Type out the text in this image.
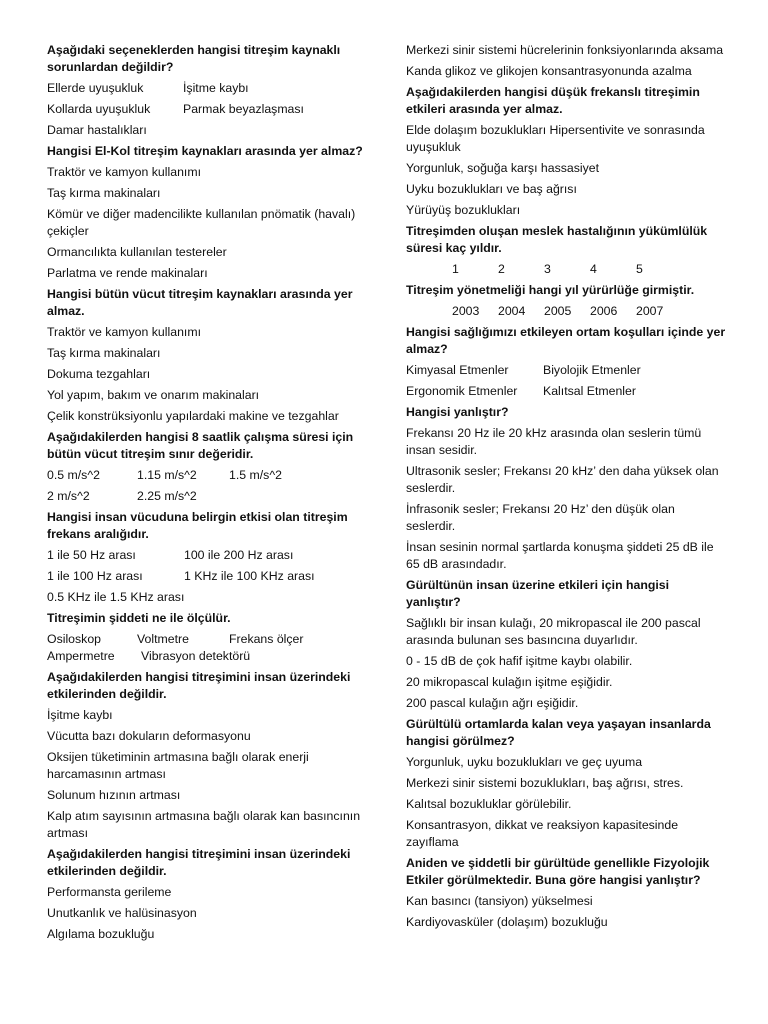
Aşağıdaki seçeneklerden hangisi titreşim kaynaklı sorunlardan değildir?
Ellerde uyuşukluk	İşitme kaybı
Kollarda uyuşukluk	Parmak beyazlaşması
Damar hastalıkları
Hangisi El-Kol titreşim kaynakları arasında yer almaz?
Traktör ve kamyon kullanımı
Taş kırma makinaları
Kömür ve diğer madencilikte kullanılan pnömatik (havalı) çekiçler
Ormancılıkta kullanılan testereler
Parlatma ve rende makinaları
Hangisi bütün vücut titreşim kaynakları arasında yer almaz.
Traktör ve kamyon kullanımı
Taş kırma makinaları
Dokuma tezgahları
Yol yapım, bakım ve onarım makinaları
Çelik konstrüksiyonlu yapılardaki makine ve tezgahlar
Aşağıdakilerden hangisi 8 saatlik çalışma süresi için bütün vücut titreşim sınır değeridir.
0.5 m/s^2	1.15 m/s^2	1.5 m/s^2
2 m/s^2	2.25 m/s^2
Hangisi insan vücuduna belirgin etkisi olan titreşim frekans aralığıdır.
1 ile 50 Hz arası	100 ile 200 Hz arası
1 ile 100 Hz arası	1 KHz ile 100 KHz arası
0.5 KHz ile 1.5 KHz arası
Titreşimin şiddeti ne ile ölçülür.
Osiloskop	Voltmetre	Frekans ölçer
Ampermetre	Vibrasyon detektörü
Aşağıdakilerden hangisi titreşimini insan üzerindeki etkilerinden değildir.
İşitme kaybı
Vücutta bazı dokuların deformasyonu
Oksijen tüketiminin artmasına bağlı olarak enerji harcamasının artması
Solunum hızının artması
Kalp atım sayısının artmasına bağlı olarak kan basıncının artması
Aşağıdakilerden hangisi titreşimini insan üzerindeki etkilerinden değildir.
Performansta gerileme
Unutkanlık ve halüsinasyon
Algılama bozukluğu
Merkezi sinir sistemi hücrelerinin fonksiyonlarında aksama
Kanda glikoz ve glikojen konsantrasyonunda azalma
Aşağıdakilerden hangisi düşük frekanslı titreşimin etkileri arasında yer almaz.
Elde dolaşım bozuklukları Hipersentivite ve sonrasında uyuşukluk
Yorgunluk, soğuğa karşı hassasiyet
Uyku bozuklukları ve baş ağrısı
Yürüyüş bozuklukları
Titreşimden oluşan meslek hastalığının yükümlülük süresi kaç yıldır.
1	2	3	4	5
Titreşim yönetmeliği hangi yıl yürürlüğe girmiştir.
2003	2004	2005	2006	2007
Hangisi sağlığımızı etkileyen ortam koşulları içinde yer almaz?
Kimyasal Etmenler	Biyolojik Etmenler
Ergonomik Etmenler	Kalıtsal Etmenler
Hangisi yanlıştır?
Frekansı 20 Hz ile 20 kHz arasında olan seslerin tümü insan sesidir.
Ultrasonik sesler; Frekansı 20 kHz’ den daha yüksek olan seslerdir.
İnfrasonik sesler; Frekansı 20 Hz’ den düşük olan seslerdir.
İnsan sesinin normal şartlarda konuşma şiddeti 25 dB ile 65 dB arasındadır.
Gürültünün insan üzerine etkileri için hangisi yanlıştır?
Sağlıklı bir insan kulağı, 20 mikropascal ile 200 pascal arasında bulunan ses basıncına duyarlıdır.
0 - 15 dB de çok hafif işitme kaybı olabilir.
20 mikropascal kulağın işitme eşiğidir.
200 pascal kulağın ağrı eşiğidir.
Gürültülü ortamlarda kalan veya yaşayan insanlarda hangisi görülmez?
Yorgunluk, uyku bozuklukları ve geç uyuma
Merkezi sinir sistemi bozuklukları, baş ağrısı, stres.
Kalıtsal bozukluklar görülebilir.
Konsantrasyon, dikkat ve reaksiyon kapasitesinde zayıflama
Aniden ve şiddetli bir gürültüde genellikle Fizyolojik Etkiler görülmektedir. Buna göre hangisi yanlıştır?
Kan basıncı (tansiyon) yükselmesi
Kardiyovasküler (dolaşım) bozukluğu
